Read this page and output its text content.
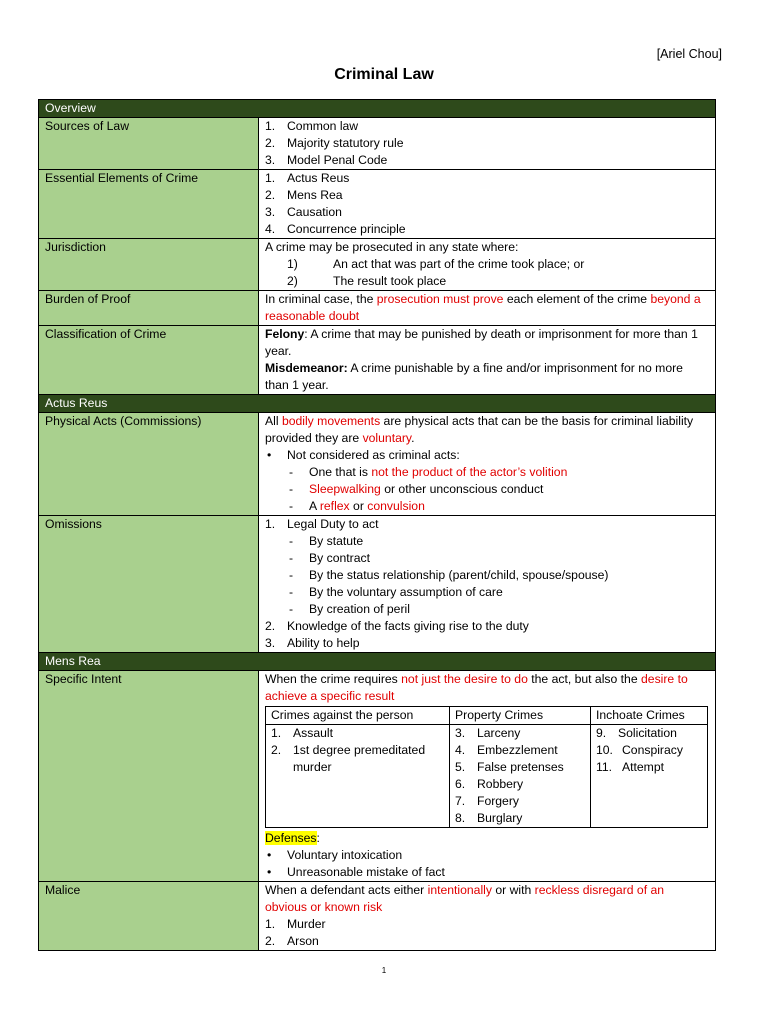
[Ariel Chou]
Criminal Law
Overview
Sources of Law	1. Common law
2. Majority statutory rule
3. Model Penal Code

Essential Elements of Crime	1. Actus Reus
2. Mens Rea
3. Causation
4. Concurrence principle

Jurisdiction	A crime may be prosecuted in any state where:
1)	An act that was part of the crime took place; or
2)	The result took place

Burden of Proof	In criminal case, the prosecution must prove each element of the crime beyond a reasonable doubt
Classification of Crime	Felony: A crime that may be punished by death or imprisonment for more than 1 year.
Misdemeanor: A crime punishable by a fine and/or imprisonment for no more than 1 year.

Actus Reus
Physical Acts (Commissions)	All bodily movements are physical acts that can be the basis for criminal liability provided they are voluntary.
• Not considered as criminal acts:
- One that is not the product of the actor’s volition
- Sleepwalking or other unconscious conduct
- A reflex or convulsion

Omissions	1. Legal Duty to act
- By statute
- By contract
- By the status relationship (parent/child, spouse/spouse)
- By the voluntary assumption of care
- By creation of peril
2. Knowledge of the facts giving rise to the duty
3. Ability to help

Mens Rea
Specific Intent	When the crime requires not just the desire to do the act, but also the desire to achieve a specific result
Crimes against the person	Property Crimes	Inchoate Crimes

1. Assault
2. 1st degree premeditated murder

3. Larceny
4. Embezzlement
5. False pretenses
6. Robbery
7. Forgery
8. Burglary

9. Solicitation
10. Conspiracy
11. Attempt
Defenses:
• Voluntary intoxication
• Unreasonable mistake of fact

Malice	When a defendant acts either intentionally or with reckless disregard of an obvious or known risk
1. Murder
2. Arson
1
